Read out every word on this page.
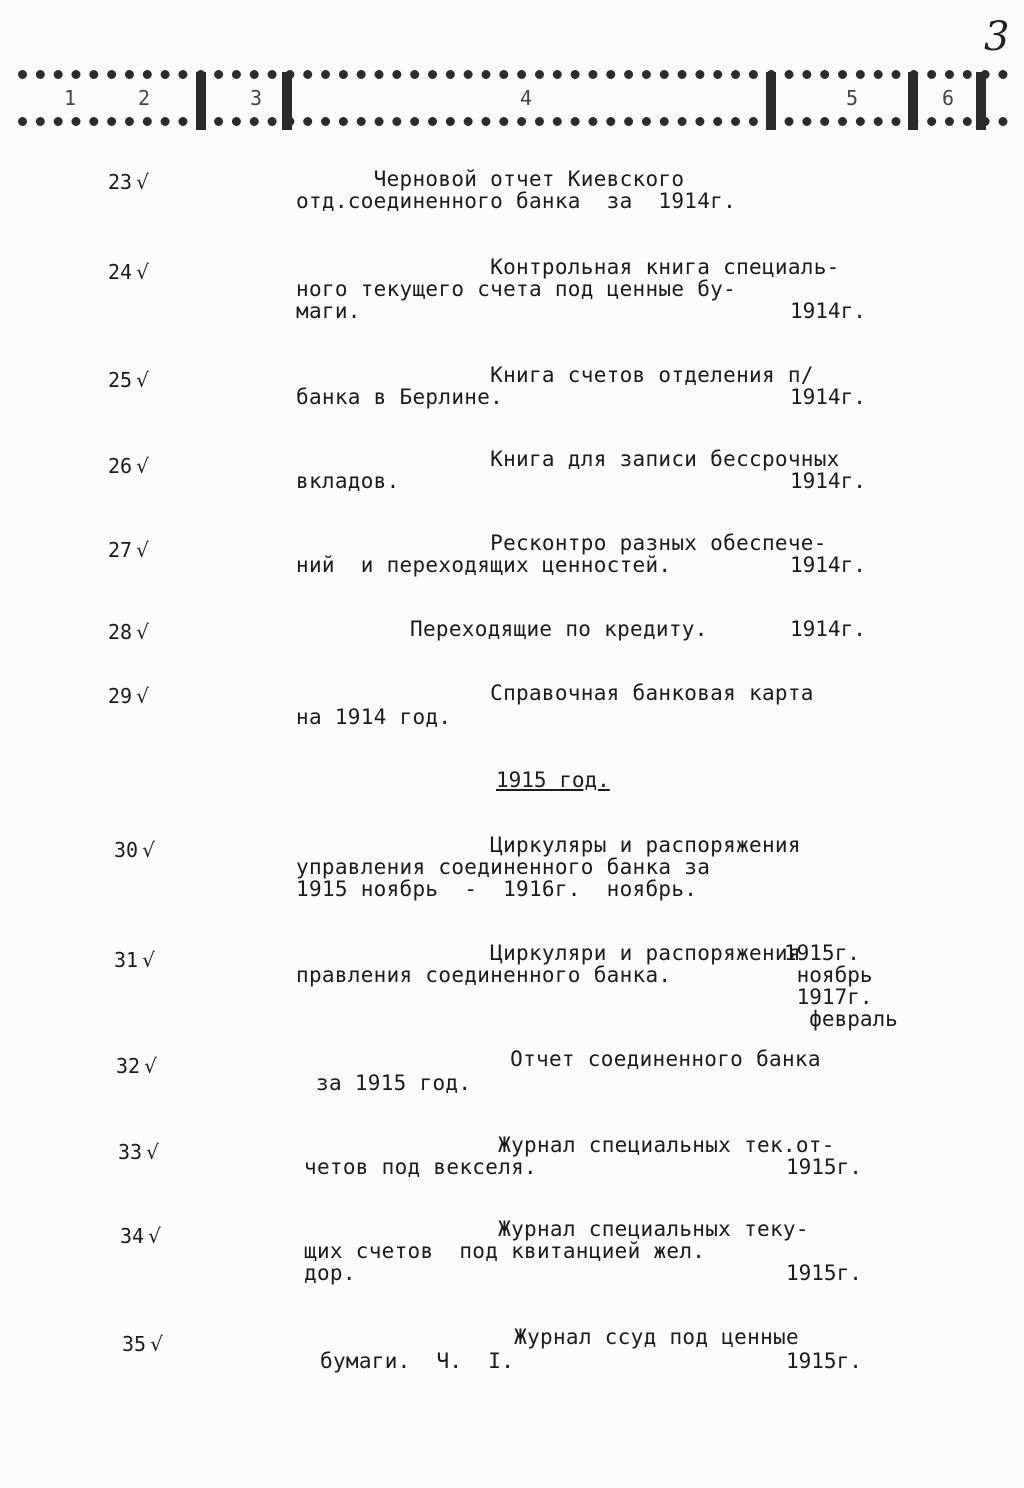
3
1	2	3	4	5	6
23 √	Черновой отчет Киевского
отд.соединенного банка  за  1914г.
24 √	Контрольная книга специаль-
ного текущего счета под ценные бу-
маги.	1914г.
25 √	Книга счетов отделения п/
банка в Берлине.	1914г.
26 √	Книга для записи бессрочных
вкладов.	1914г.
27 √	Реcконтро разных обеспече-
ний  и переходящих ценностей.	1914г.
28 √	Переходящие по кредиту.	1914г.
29 √	Справочная банковая карта
на 1914 год.
1915 год.
30 √	Циркуляры и распоряжения
управления соединенного банка за
1915 ноябрь  -  1916г.  ноябрь.
31 √	Циркуляри и распоряжения
правления соединенного банка.
1915г.
ноябрь
1917г.
февраль
32 √	Отчет соединенного банка
за 1915 год.
33 √	Журнал специальных тек.от-
четов под векселя.	1915г.
34 √	Журнал специальных теку-
щих счетов  под квитанцией жел.
дор.	1915г.
35 √	Журнал ссуд под ценные
бумаги.  Ч.  I.	1915г.
